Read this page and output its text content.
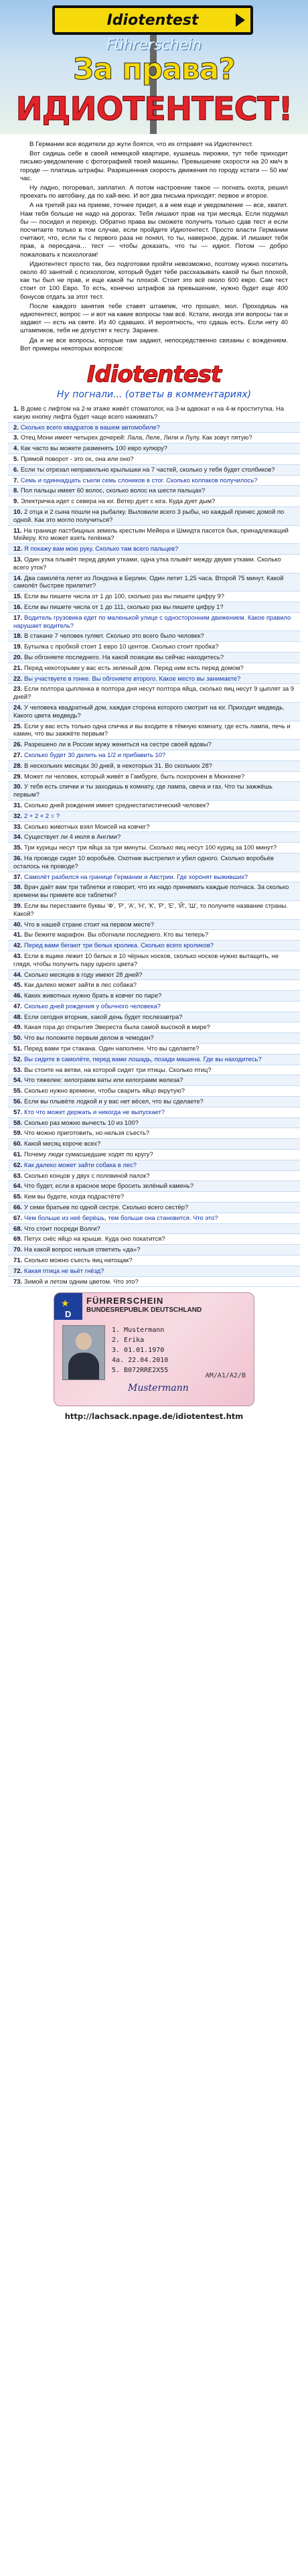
Idiotentest
Führerschein
За права?
ИДИОТЕНТЕСТ!

В Германии все водители до жути боятся, что их отправят на Идиотентест.

Вот сидишь себе в своей немецкой квартире, кушаешь пирожки, тут тебе приходит письмо-уведомление с фотографией твоей машины. Превышение скорости на 20 км/ч в городе — платишь штрафы. Разрешенная скорость движения по городу кстати — 50 км/час.

Ну ладно, погоревал, заплатил. А потом настроение такое — погнать охота, решил проехать по автобану, да по хай-вею. И вот два письма приходят: первое и второе.

А на третий раз на приеме, точнее придет, а в нем еще и уведомление — все, хватит. Нам тебя больше не надо на дорогах. Тебя лишают прав на три месяца. Если подумал бы — посидел и перекур. Обратно права вы сможете получить только сдав тест и если посчитаете только в том случае, если пройдете Идиотентест. Просто власти Германии считают, что, если ты с первого раза не понял, то ты, наверное, дурак. И лишают тебя прав, а пересдача… тест — чтобы доказать, что ты — идиот. Потом — добро пожаловать к психологам!

Идиотентест просто так, без подготовки пройти невозможно, поэтому нужно посетить около 40 занятий с психологом, который будет тебе рассказывать какой ты был плохой, как ты был не прав, и еще какой ты плохой. Стоит это всё около 600 евро. Сам тест стоит от 100 Евро. То есть, конечно штрафов за превышение, нужно будет еще 400 бонусов отдать за этот тест.

После каждого занятия тебе ставят штампик, что прошел, мол. Проходишь на идиотентест, вопрос — и вот на какие вопросы там всё. Кстати, иногда эти вопросы так и задают — есть на свете. Из 40 сдавших. И вероятность, что сдашь есть. Если нету 40 штампиков, тебя не допустят к тесту. Заранее.

Да и не все вопросы, которые там задают, непосредственно связаны с вождением. Вот примеры некоторых вопросов:

Idiotentest
Ну погнали... (ответы в комментариях)
1. В доме с лифтом на 2-м этаже живёт стоматолог, на 3-м адвокат и на 4-м проститутка. На какую кнопку лифта будет чаще всего нажимать?
2. Сколько всего квадратов в вашем автомобиле?
3. Отец Мони имеет четырех дочерей: Лала, Леле, Лили и Лулу. Как зовут пятую?
4. Как часто вы можете разменять 100 евро купюру?
5. Прямой поворот - это ох, она или оно?
6. Если ты отрезал неправильно крылышки на 7 частей, сколько у тебя будет столбиков?
7. Семь и одиннадцать съели семь слоников в стог. Сколько колпаков получилось?
8. Пол пальцы имеет 60 волос, сколько волос на шести пальцах?
9. Электричка идет с севера на юг. Ветер дует с юга. Куда дует дым?
10. 2 отца и 2 сына пошли на рыбалку. Выловили всего 3 рыбы, но каждый принес домой по одной. Как это могло получиться?
11. На границе пастбищных земель крестьян Мейера и Шмидта пасется бык, принадлежащий Мейеру. Кто может взять телёнка?
12. Я покажу вам мою руку. Сколько там всего пальцев?
13. Один утка плывёт перед двумя утками, одна утка плывёт между двумя утками. Сколько всего уток?
14. Два самолёта летят из Лондона в Берлин. Один летит 1,25 часа. Второй 75 минут. Какой самолёт быстрее прилетит?
15. Если вы пишете числа от 1 до 100, сколько раз вы пишете цифру 9?
16. Если вы пишете числа от 1 до 111, сколько раз вы пишете цифру 1?
17. Водитель грузовика едет по маленькой улице с односторонним движением. Какое правило нарушает водитель?
18. В стакане 7 человек гуляет. Сколько это всего было человек?
19. Бутылка с пробкой стоит 1 евро 10 центов. Сколько стоит пробка?
20. Вы обгоняете последнего. На какой позиции вы сейчас находитесь?
21. Перед некоторыми у вас есть зеленый дом. Перед ним есть перед домом?
22. Вы участвуете в гонке. Вы обгоняете второго. Какое место вы занимаете?
23. Если полтора цыпленка в полтора дня несут полтора яйца, сколько яиц несут 9 цыплят за 9 дней?
24. У человека квадратный дом, каждая сторона которого смотрит на юг. Приходит медведь. Какого цвета медведь?
25. Если у вас есть только одна спичка и вы входите в тёмную комнату, где есть лампа, печь и камин, что вы зажжёте первым?
26. Разрешено ли в России мужу жениться на сестре своей вдовы?
27. Сколько будет 30 делить на 1/2 и прибавить 10?
28. В нескольких месяцах 30 дней, в некоторых 31. Во скольких 28?
29. Может ли человек, который живёт в Гамбурге, быть похоронен в Мюнхене?
30. У тебя есть спички и ты заходишь в комнату, где лампа, свеча и газ. Что ты зажжёшь первым?
31. Сколько дней рождения имеет среднестатистический человек?
32. 2 + 2 × 2 = ?
33. Сколько животных взял Моисей на ковчег?
34. Существует ли 4 июля в Англии?
35. Три курицы несут три яйца за три минуты. Сколько яиц несут 100 куриц за 100 минут?
36. На проводе сидят 10 воробьёв. Охотник выстрелил и убил одного. Сколько воробьёв осталось на проводе?
37. Самолёт разбился на границе Германии и Австрии. Где хоронят выживших?
38. Врач даёт вам три таблетки и говорит, что их надо принимать каждые полчаса. За сколько времени вы примете все таблетки?
39. Если вы переставите буквы 'Ф', 'Р', 'А', 'Н', 'К', 'Р', 'Е', 'Й', 'Ш', то получите название страны. Какой?
40. Что в нашей стране стоит на первом месте?
41. Вы бежите марафон. Вы обогнали последнего. Кто вы теперь?
42. Перед вами бегают три белых кролика. Сколько всего кроликов?
43. Если в ящике лежит 10 белых и 10 чёрных носков, сколько носков нужно вытащить, не глядя, чтобы получить пару одного цвета?
44. Сколько месяцев в году имеют 28 дней?
45. Как далеко может зайти в лес собака?
46. Каких животных нужно брать в ковчег по паре?
47. Сколько дней рождения у обычного человека?
48. Если сегодня вторник, какой день будет послезавтра?
49. Какая гора до открытия Эвереста была самой высокой в мире?
50. Что вы положите первым делом в чемодан?
51. Перед вами три стакана. Один наполнен. Что вы сделаете?
52. Вы сидите в самолёте, перед вами лошадь, позади машина. Где вы находитесь?
53. Вы стоите на ветви, на которой сидят три птицы. Сколько птиц?
54. Что тяжелее: килограмм ваты или килограмм железа?
55. Сколько нужно времени, чтобы сварить яйцо вкрутую?
56. Если вы плывёте лодкой и у вас нет вёсел, что вы сделаете?
57. Кто что может держать и никогда не выпускает?
58. Сколько раз можно вычесть 10 из 100?
59. Что можно приготовить, но нельзя съесть?
60. Какой месяц короче всех?
61. Почему люди сумасшедшие ходят по кругу?
62. Как далеко может зайти собака в лес?
63. Сколько концов у двух с половиной палок?
64. Что будет, если в красное море бросить зелёный камень?
65. Кем вы будете, когда подрастёте?
66. У семи братьев по одной сестре. Сколько всего сестёр?
67. Чем больше из неё берёшь, тем больше она становится. Что это?
68. Что стоит посреди Волги?
69. Петух снёс яйцо на крыше. Куда оно покатится?
70. На какой вопрос нельзя ответить «да»?
71. Сколько можно съесть яиц натощак?
72. Какая птица не вьёт гнёзд?
73. Зимой и летом одним цветом. Что это?
★
D
FÜHRERSCHEIN
BUNDESREPUBLIK DEUTSCHLAND
1. Mustermann
2. Erika
3. 01.01.1970
4a. 22.04.2010
5. B072RRE2X55
Mustermann
AM/A1/A2/B
http://lachsack.npage.de/idiotentest.htm
